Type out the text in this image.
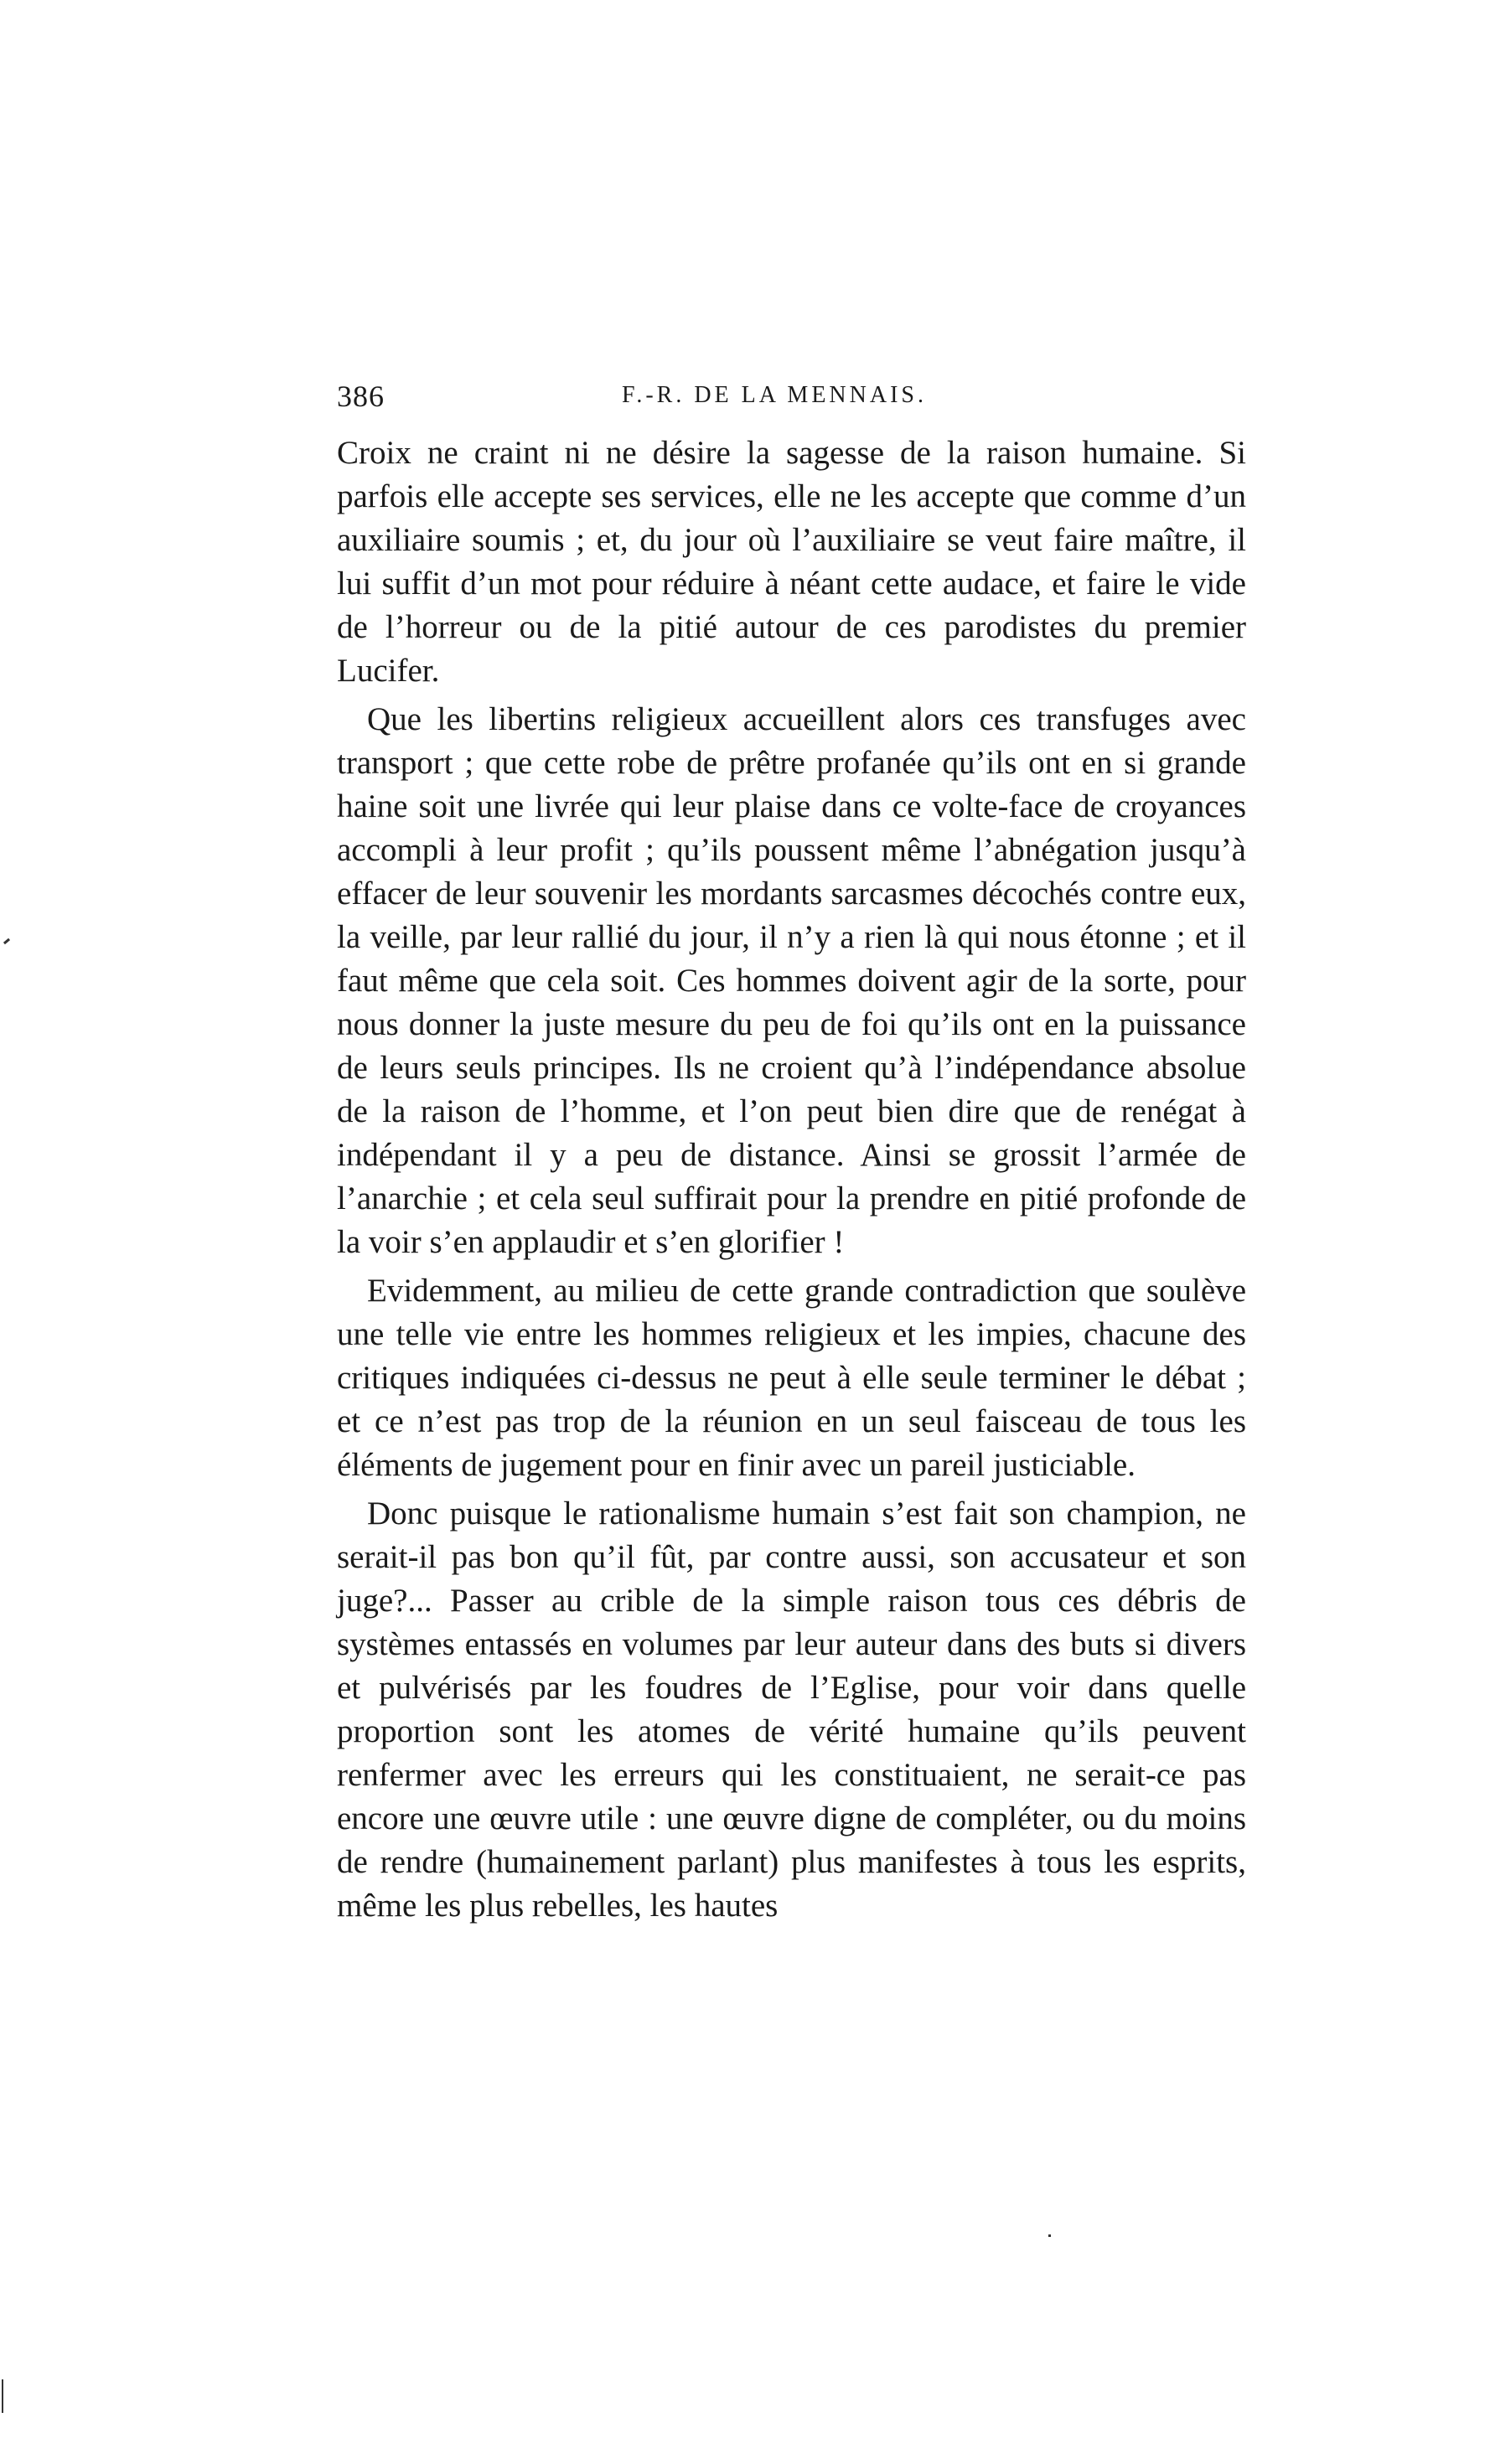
386	F.-R. DE LA MENNAIS.

Croix ne craint ni ne désire la sagesse de la raison humaine. Si parfois elle accepte ses services, elle ne les accepte que comme d’un auxiliaire soumis ; et, du jour où l’auxiliaire se veut faire maître, il lui suffit d’un mot pour réduire à néant cette audace, et faire le vide de l’horreur ou de la pitié autour de ces parodistes du premier Lucifer.

Que les libertins religieux accueillent alors ces transfuges avec transport ; que cette robe de prêtre profanée qu’ils ont en si grande haine soit une livrée qui leur plaise dans ce volte-face de croyances accompli à leur profit ; qu’ils poussent même l’abnégation jusqu’à effacer de leur souvenir les mordants sarcasmes décochés contre eux, la veille, par leur rallié du jour, il n’y a rien là qui nous étonne ; et il faut même que cela soit. Ces hommes doivent agir de la sorte, pour nous donner la juste mesure du peu de foi qu’ils ont en la puissance de leurs seuls principes. Ils ne croient qu’à l’indépendance absolue de la raison de l’homme, et l’on peut bien dire que de renégat à indépendant il y a peu de distance. Ainsi se grossit l’armée de l’anarchie ; et cela seul suffirait pour la prendre en pitié profonde de la voir s’en applaudir et s’en glorifier !

Evidemment, au milieu de cette grande contradiction que soulève une telle vie entre les hommes religieux et les impies, chacune des critiques indiquées ci-dessus ne peut à elle seule terminer le débat ; et ce n’est pas trop de la réunion en un seul faisceau de tous les éléments de jugement pour en finir avec un pareil justiciable.

Donc puisque le rationalisme humain s’est fait son champion, ne serait-il pas bon qu’il fût, par contre aussi, son accusateur et son juge?... Passer au crible de la simple raison tous ces débris de systèmes entassés en volumes par leur auteur dans des buts si divers et pulvérisés par les foudres de l’Eglise, pour voir dans quelle proportion sont les atomes de vérité humaine qu’ils peuvent renfermer avec les erreurs qui les constituaient, ne serait-ce pas encore une œuvre utile : une œuvre digne de compléter, ou du moins de rendre (humainement parlant) plus manifestes à tous les esprits, même les plus rebelles, les hautes
